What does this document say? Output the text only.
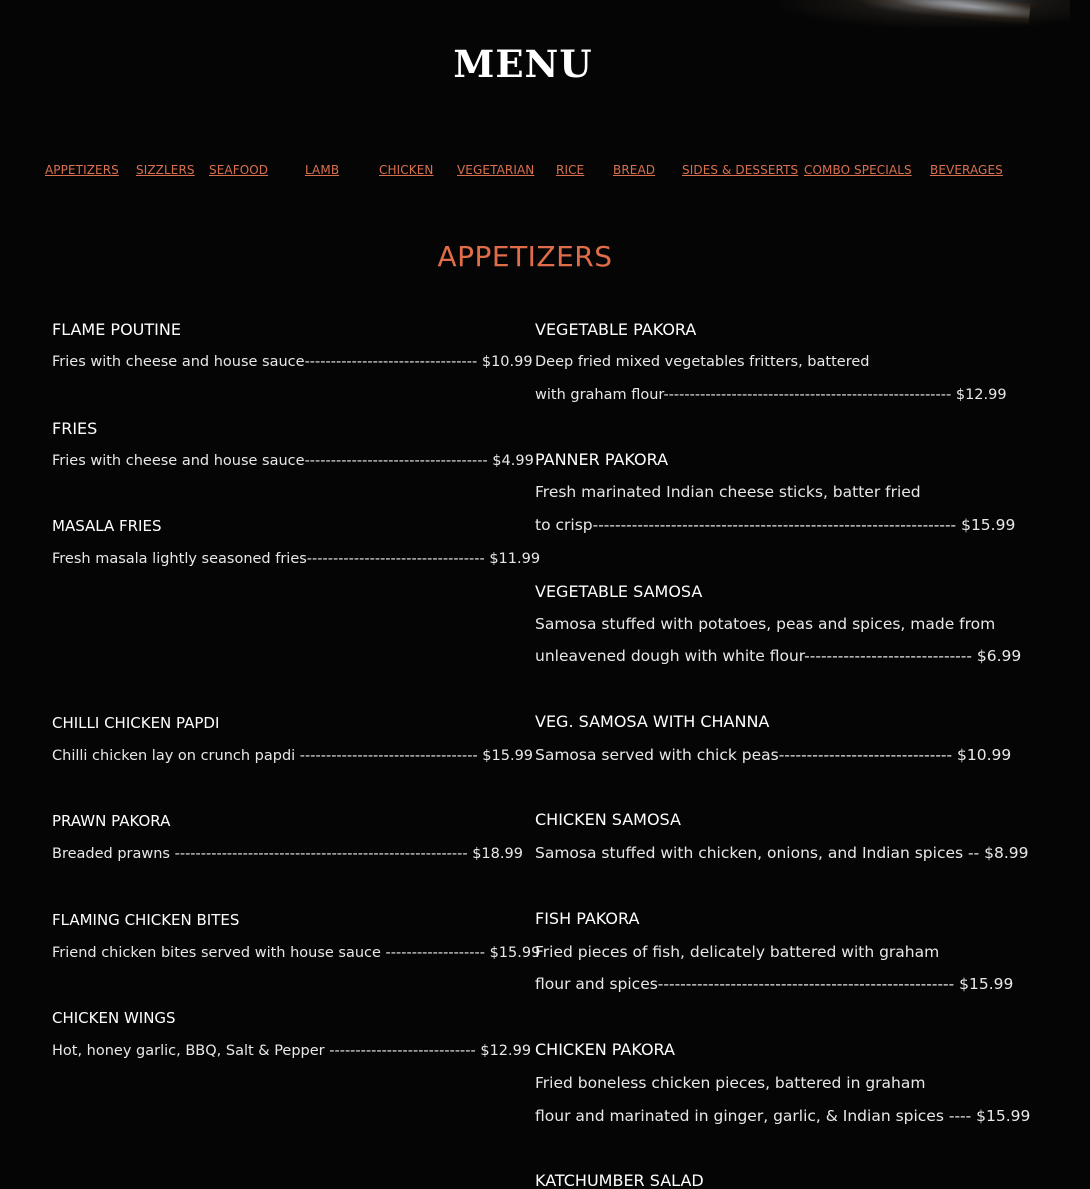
MENU
APPETIZERS SIZZLERS SEAFOOD	LAMB	CHICKEN VEGETARIAN RICE BREAD SIDES & DESSERTS COMBO SPECIALS BEVERAGES
APPETIZERS
FLAME POUTINE
Fries with cheese and house sauce--------------------------------- $10.99
FRIES
Fries with cheese and house sauce----------------------------------- $4.99
MASALA FRIES
Fresh masala lightly seasoned fries---------------------------------- $11.99
CHILLI CHICKEN PAPDI
Chilli chicken lay on crunch papdi ---------------------------------- $15.99
PRAWN PAKORA
Breaded prawns -------------------------------------------------------- $18.99
FLAMING CHICKEN BITES
Friend chicken bites served with house sauce ------------------- $15.99
CHICKEN WINGS
Hot, honey garlic, BBQ, Salt & Pepper ---------------------------- $12.99
VEGETABLE PAKORA
Deep fried mixed vegetables fritters, battered
with graham flour------------------------------------------------------- $12.99
PANNER PAKORA
Fresh marinated Indian cheese sticks, batter fried
to crisp----------------------------------------------------------------- $15.99
VEGETABLE SAMOSA
Samosa stuffed with potatoes, peas and spices, made from
unleavened dough with white flour------------------------------ $6.99
VEG. SAMOSA WITH CHANNA
Samosa served with chick peas------------------------------- $10.99
CHICKEN SAMOSA
Samosa stuffed with chicken, onions, and Indian spices -- $8.99
FISH PAKORA
Fried pieces of fish, delicately battered with graham
flour and spices----------------------------------------------------- $15.99
CHICKEN PAKORA
Fried boneless chicken pieces, battered in graham
flour and marinated in ginger, garlic, & Indian spices ---- $15.99
KATCHUMBER SALAD
